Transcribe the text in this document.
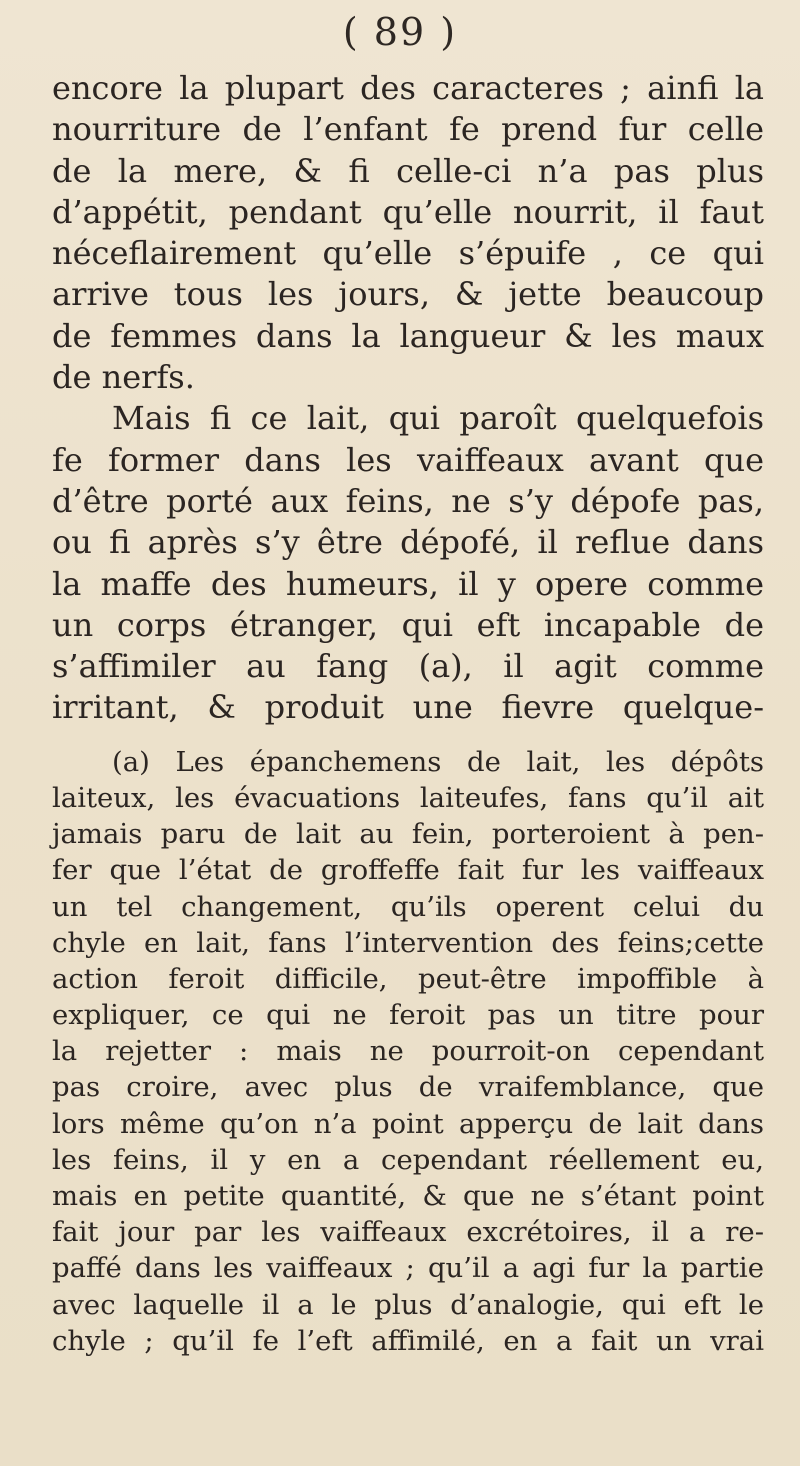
( 89 )
encore la plupart des caracteres ; ainfi la
nourriture de l’enfant fe prend fur celle
de la mere, & fi celle-ci n’a pas plus
d’appétit, pendant qu’elle nourrit, il faut
néceflairement qu’elle s’épuife , ce qui
arrive tous les jours, & jette beaucoup
de femmes dans la langueur & les maux
de nerfs.
Mais fi ce lait, qui paroît quelquefois
fe former dans les vaiffeaux avant que
d’être porté aux feins, ne s’y dépofe pas,
ou fi après s’y être dépofé, il reflue dans
la maffe des humeurs, il y opere comme
un corps étranger, qui eft incapable de
s’affimiler au fang (a), il agit comme
irritant, & produit une fievre quelque-
(a) Les épanchemens de lait, les dépôts
laiteux, les évacuations laiteufes, fans qu’il ait
jamais paru de lait au fein, porteroient à pen-
fer que l’état de groffeffe fait fur les vaiffeaux
un tel changement, qu’ils operent celui du
chyle en lait, fans l’intervention des feins;cette
action feroit difficile, peut-être impoffible à
expliquer, ce qui ne feroit pas un titre pour
la rejetter : mais ne pourroit-on cependant
pas croire, avec plus de vraifemblance, que
lors même qu’on n’a point apperçu de lait dans
les feins, il y en a cependant réellement eu,
mais en petite quantité, & que ne s’étant point
fait jour par les vaiffeaux excrétoires, il a re-
paffé dans les vaiffeaux ; qu’il a agi fur la partie
avec laquelle il a le plus d’analogie, qui eft le
chyle ; qu’il fe l’eft affimilé, en a fait un vrai
